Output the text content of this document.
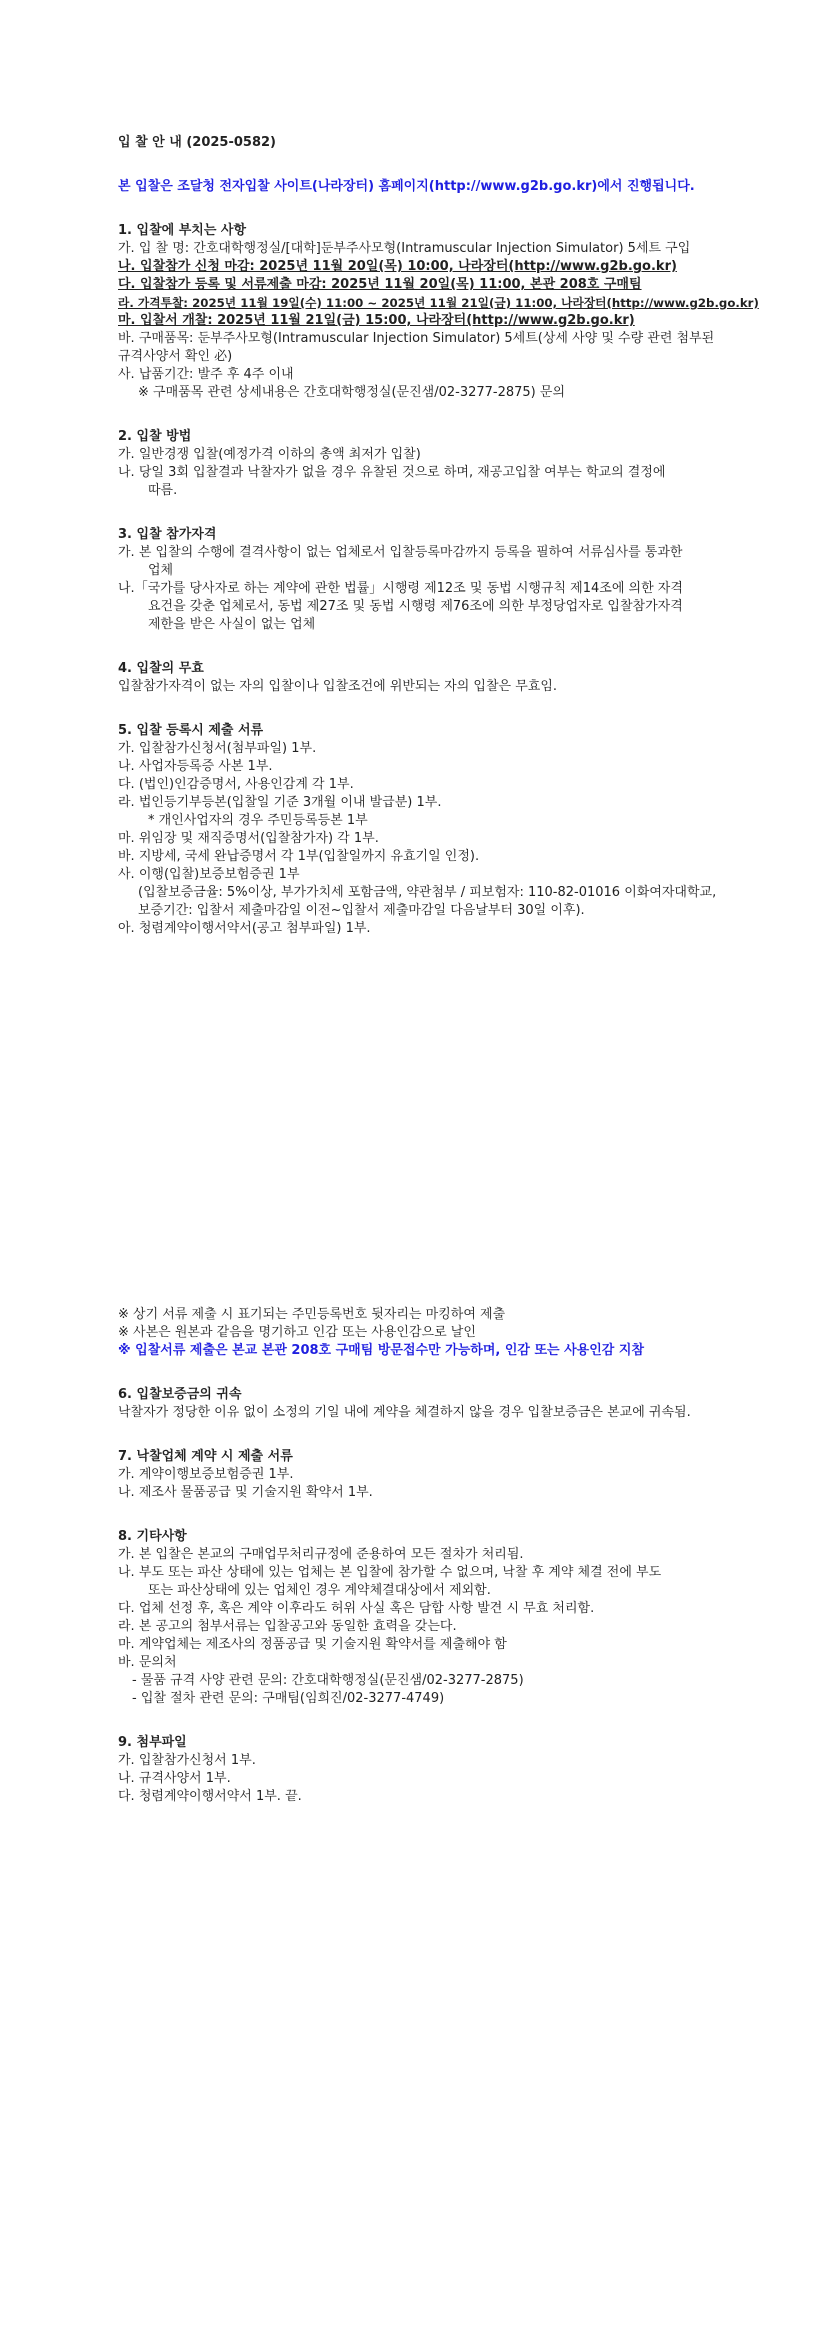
입 찰 안 내 (2025-0582)
본 입찰은 조달청 전자입찰 사이트(나라장터) 홈페이지(http://www.g2b.go.kr)에서 진행됩니다.
1. 입찰에 부치는 사항
가. 입 찰 명: 간호대학행정실/[대학]둔부주사모형(Intramuscular Injection Simulator) 5세트 구입
나. 입찰참가 신청 마감: 2025년 11월 20일(목) 10:00, 나라장터(http://www.g2b.go.kr)
다. 입찰참가 등록 및 서류제출 마감: 2025년 11월 20일(목) 11:00, 본관 208호 구매팀
라. 가격투찰: 2025년 11월 19일(수) 11:00 ~ 2025년 11월 21일(금) 11:00, 나라장터(http://www.g2b.go.kr)
마. 입찰서 개찰: 2025년 11월 21일(금) 15:00, 나라장터(http://www.g2b.go.kr)
바. 구매품목: 둔부주사모형(Intramuscular Injection Simulator) 5세트(상세 사양 및 수량 관련 첨부된
규격사양서 확인 必)
사. 납품기간: 발주 후 4주 이내
※ 구매품목 관련 상세내용은 간호대학행정실(문진샘/02-3277-2875) 문의
2. 입찰 방법
가. 일반경쟁 입찰(예정가격 이하의 총액 최저가 입찰)
나. 당일 3회 입찰결과 낙찰자가 없을 경우 유찰된 것으로 하며, 재공고입찰 여부는 학교의 결정에
따름.
3. 입찰 참가자격
가. 본 입찰의 수행에 결격사항이 없는 업체로서 입찰등록마감까지 등록을 필하여 서류심사를 통과한
업체
나.「국가를 당사자로 하는 계약에 관한 법률」시행령 제12조 및 동법 시행규칙 제14조에 의한 자격
요건을 갖춘 업체로서, 동법 제27조 및 동법 시행령 제76조에 의한 부정당업자로 입찰참가자격
제한을 받은 사실이 없는 업체
4. 입찰의 무효
입찰참가자격이 없는 자의 입찰이나 입찰조건에 위반되는 자의 입찰은 무효임.
5. 입찰 등록시 제출 서류
가. 입찰참가신청서(첨부파일) 1부.
나. 사업자등록증 사본 1부.
다. (법인)인감증명서, 사용인감계 각 1부.
라. 법인등기부등본(입찰일 기준 3개월 이내 발급분) 1부.
* 개인사업자의 경우 주민등록등본 1부
마. 위임장 및 재직증명서(입찰참가자) 각 1부.
바. 지방세, 국세 완납증명서 각 1부(입찰일까지 유효기일 인정).
사. 이행(입찰)보증보험증권 1부
(입찰보증금율: 5%이상, 부가가치세 포함금액, 약관첨부 / 피보험자: 110-82-01016 이화여자대학교,
보증기간: 입찰서 제출마감일 이전~입찰서 제출마감일 다음날부터 30일 이후).
아. 청렴계약이행서약서(공고 첨부파일) 1부.
※ 상기 서류 제출 시 표기되는 주민등록번호 뒷자리는 마킹하여 제출
※ 사본은 원본과 같음을 명기하고 인감 또는 사용인감으로 날인
※ 입찰서류 제출은 본교 본관 208호 구매팀 방문접수만 가능하며, 인감 또는 사용인감 지참
6. 입찰보증금의 귀속
낙찰자가 정당한 이유 없이 소정의 기일 내에 계약을 체결하지 않을 경우 입찰보증금은 본교에 귀속됨.
7. 낙찰업체 계약 시 제출 서류
가. 계약이행보증보험증권 1부.
나. 제조사 물품공급 및 기술지원 확약서 1부.
8. 기타사항
가. 본 입찰은 본교의 구매업무처리규정에 준용하여 모든 절차가 처리됨.
나. 부도 또는 파산 상태에 있는 업체는 본 입찰에 참가할 수 없으며, 낙찰 후 계약 체결 전에 부도
또는 파산상태에 있는 업체인 경우 계약체결대상에서 제외함.
다. 업체 선정 후, 혹은 계약 이후라도 허위 사실 혹은 담합 사항 발견 시 무효 처리함.
라. 본 공고의 첨부서류는 입찰공고와 동일한 효력을 갖는다.
마. 계약업체는 제조사의 정품공급 및 기술지원 확약서를 제출해야 함
바. 문의처
- 물품 규격 사양 관련 문의: 간호대학행정실(문진샘/02-3277-2875)
- 입찰 절차 관련 문의: 구매팀(임희진/02-3277-4749)
9. 첨부파일
가. 입찰참가신청서 1부.
나. 규격사양서 1부.
다. 청렴계약이행서약서 1부. 끝.
